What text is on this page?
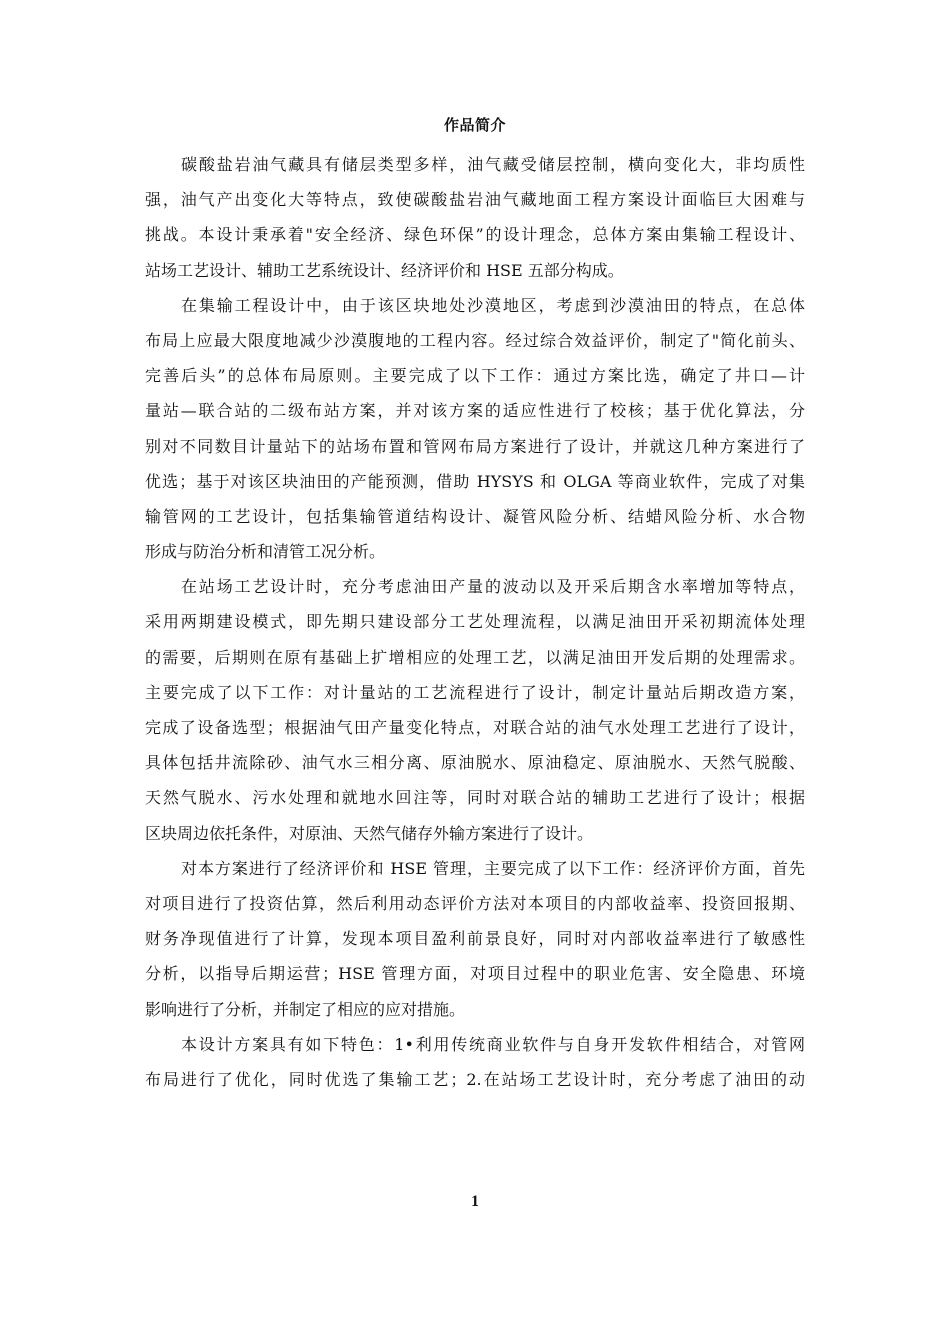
作品简介
碳酸盐岩油气藏具有储层类型多样，油气藏受储层控制，横向变化大，非均质性
强，油气产出变化大等特点，致使碳酸盐岩油气藏地面工程方案设计面临巨大困难与
挑战。本设计秉承着"安全经济、绿色环保”的设计理念，总体方案由集输工程设计、
站场工艺设计、辅助工艺系统设计、经济评价和 HSE 五部分构成。
在集输工程设计中，由于该区块地处沙漠地区，考虑到沙漠油田的特点，在总体
布局上应最大限度地减少沙漠腹地的工程内容。经过综合效益评价，制定了"简化前头、
完善后头”的总体布局原则。主要完成了以下工作：通过方案比选，确定了井口—计
量站—联合站的二级布站方案，并对该方案的适应性进行了校核；基于优化算法，分
别对不同数目计量站下的站场布置和管网布局方案进行了设计，并就这几种方案进行了
优选；基于对该区块油田的产能预测，借助 HYSYS 和 OLGA 等商业软件，完成了对集
输管网的工艺设计，包括集输管道结构设计、凝管风险分析、结蜡风险分析、水合物
形成与防治分析和清管工况分析。
在站场工艺设计时，充分考虑油田产量的波动以及开采后期含水率增加等特点，
采用两期建设模式，即先期只建设部分工艺处理流程，以满足油田开采初期流体处理
的需要，后期则在原有基础上扩增相应的处理工艺，以满足油田开发后期的处理需求。
主要完成了以下工作：对计量站的工艺流程进行了设计，制定计量站后期改造方案，
完成了设备选型；根据油气田产量变化特点，对联合站的油气水处理工艺进行了设计，
具体包括井流除砂、油气水三相分离、原油脱水、原油稳定、原油脱水、天然气脱酸、
天然气脱水、污水处理和就地水回注等，同时对联合站的辅助工艺进行了设计；根据
区块周边依托条件，对原油、天然气储存外输方案进行了设计。
对本方案进行了经济评价和 HSE 管理，主要完成了以下工作：经济评价方面，首先
对项目进行了投资估算，然后利用动态评价方法对本项目的内部收益率、投资回报期、
财务净现值进行了计算，发现本项目盈利前景良好，同时对内部收益率进行了敏感性
分析，以指导后期运营；HSE 管理方面，对项目过程中的职业危害、安全隐患、环境
影响进行了分析，并制定了相应的应对措施。
本设计方案具有如下特色：1•利用传统商业软件与自身开发软件相结合，对管网
布局进行了优化，同时优选了集输工艺；2.在站场工艺设计时，充分考虑了油田的动
1
